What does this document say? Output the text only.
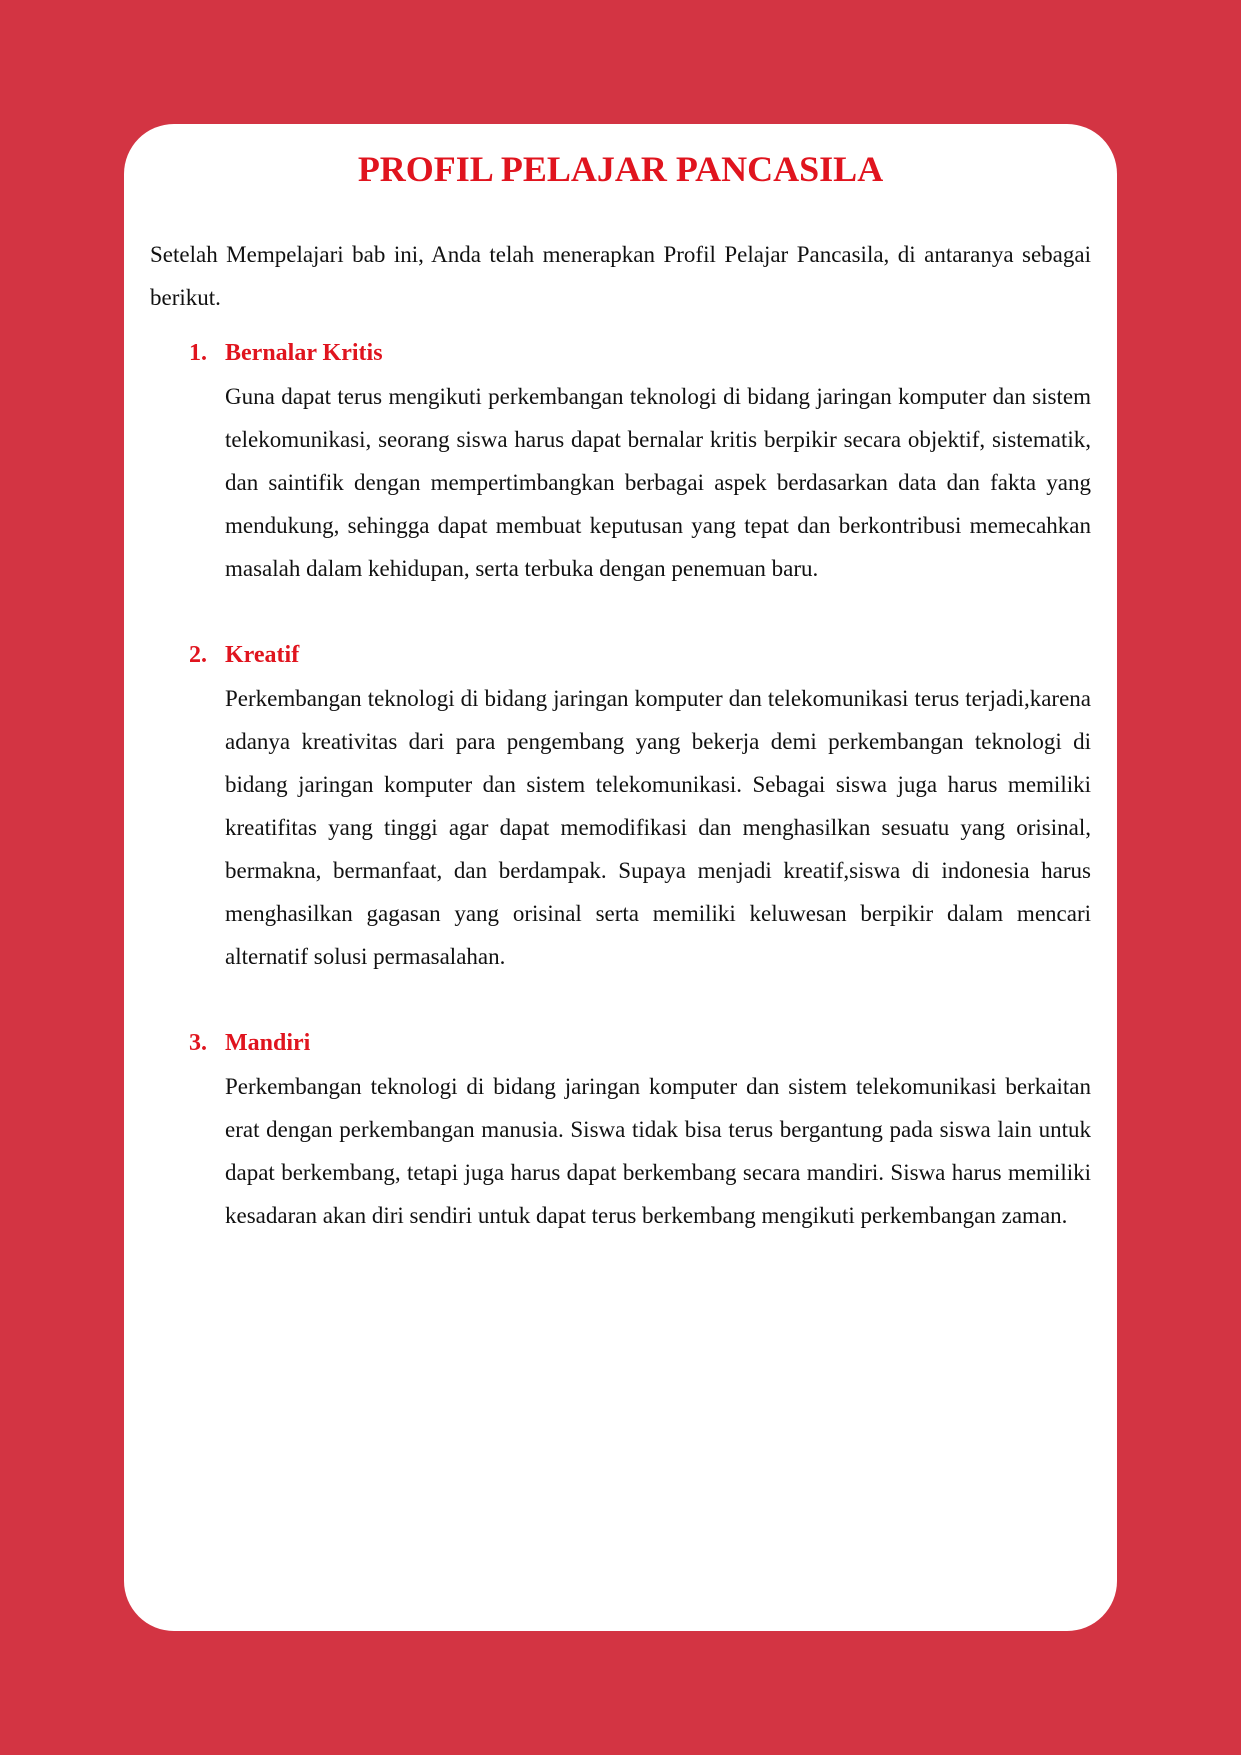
PROFIL PELAJAR PANCASILA

Setelah Mempelajari bab ini, Anda telah menerapkan Profil Pelajar Pancasila, di antaranya sebagai berikut.

1. Bernalar Kritis

Guna dapat terus mengikuti perkembangan teknologi di bidang jaringan komputer dan sistem telekomunikasi, seorang siswa harus dapat bernalar kritis berpikir secara objektif, sistematik, dan saintifik dengan mempertimbangkan berbagai aspek berdasarkan data dan fakta yang mendukung, sehingga dapat membuat keputusan yang tepat dan berkontribusi memecahkan masalah dalam kehidupan, serta terbuka dengan penemuan baru.

2. Kreatif

Perkembangan teknologi di bidang jaringan komputer dan telekomunikasi terus terjadi,karena adanya kreativitas dari para pengembang yang bekerja demi perkembangan teknologi di bidang jaringan komputer dan sistem telekomunikasi. Sebagai siswa juga harus memiliki kreatifitas yang tinggi agar dapat memodifikasi dan menghasilkan sesuatu yang orisinal, bermakna, bermanfaat, dan berdampak. Supaya menjadi kreatif,siswa di indonesia harus menghasilkan gagasan yang orisinal serta memiliki keluwesan berpikir dalam mencari alternatif solusi permasalahan.

3. Mandiri

Perkembangan teknologi di bidang jaringan komputer dan sistem telekomunikasi berkaitan erat dengan perkembangan manusia. Siswa tidak bisa terus bergantung pada siswa lain untuk dapat berkembang, tetapi juga harus dapat berkembang secara mandiri. Siswa harus memiliki kesadaran akan diri sendiri untuk dapat terus berkembang mengikuti perkembangan zaman.
